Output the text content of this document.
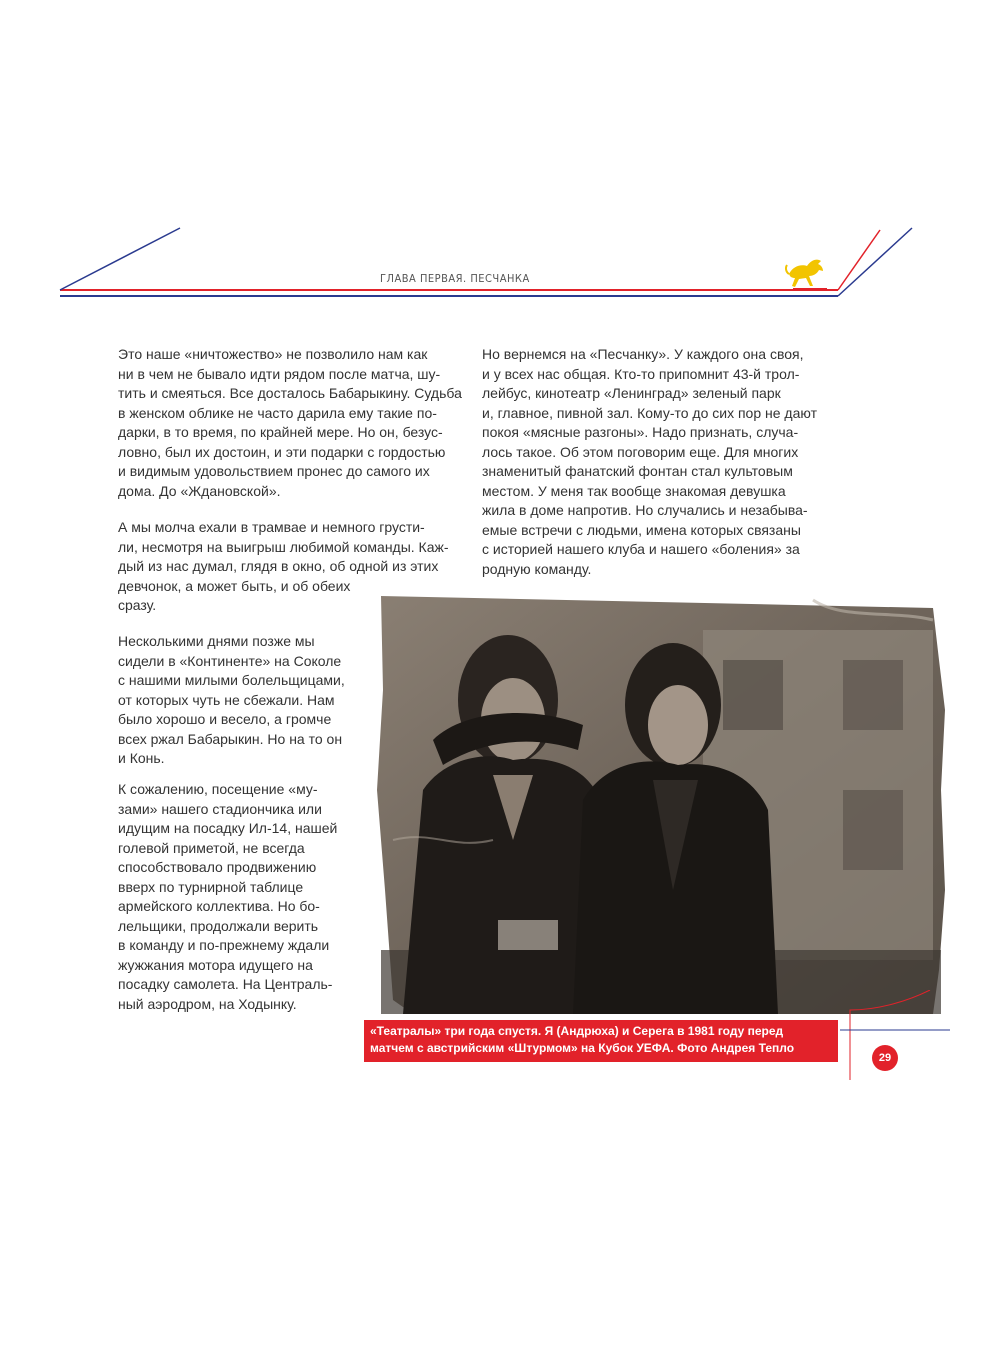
ГЛАВА ПЕРВАЯ. ПЕСЧАНКА

Это наше «ничтожество» не позволило нам как
ни в чем не бывало идти рядом после матча, шу-
тить и смеяться. Все досталось Бабарыкину. Судьба
в женском облике не часто дарила ему такие по-
дарки, в то время, по крайней мере. Но он, безус-
ловно, был их достоин, и эти подарки с гордостью
и видимым удовольствием пронес до самого их
дома. До «Ждановской».

А мы молча ехали в трамвае и немного грусти-
ли, несмотря на выигрыш любимой команды. Каж-
дый из нас думал, глядя в окно, об одной из этих
девчонок, а может быть, и об обеих
сразу.

Несколькими днями позже мы
сидели в «Континенте» на Соколе
с нашими милыми болельщицами,
от которых чуть не сбежали. Нам
было хорошо и весело, а громче
всех ржал Бабарыкин. Но на то он
и Конь.

К сожалению, посещение «му-
зами» нашего стадиончика или
идущим на посадку Ил-14, нашей
голевой приметой, не всегда
способствовало продвижению
вверх по турнирной таблице
армейского коллектива. Но бо-
лельщики, продолжали верить
в команду и по-прежнему ждали
жужжания мотора идущего на
посадку самолета. На Централь-
ный аэродром, на Ходынку.

Но вернемся на «Песчанку». У каждого она своя,
и у всех нас общая. Кто-то припомнит 43-й трол-
лейбус, кинотеатр «Ленинград» зеленый парк
и, главное, пивной зал. Кому-то до сих пор не дают
покоя «мясные разгоны». Надо признать, случа-
лось такое. Об этом поговорим еще. Для многих
знаменитый фанатский фонтан стал культовым
местом. У меня так вообще знакомая девушка
жила в доме напротив. Но случались и незабыва-
емые встречи с людьми, имена которых связаны
с историей нашего клуба и нашего «боления» за
родную команду.

«Театралы» три года спустя. Я (Андрюха) и Серега в 1981 году перед
матчем с австрийским «Штурмом» на Кубок УЕФА. Фото Андрея Тепло
29
